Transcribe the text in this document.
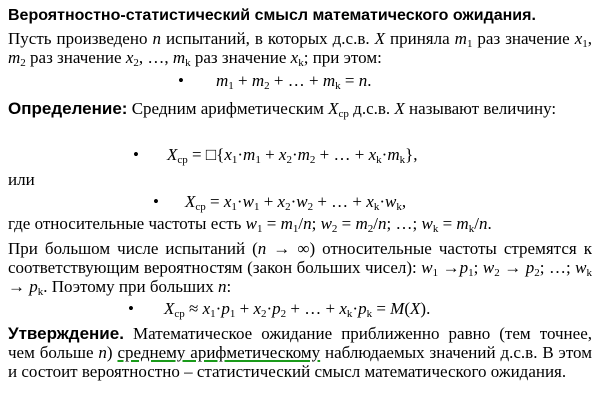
Вероятностно-статистический смысл математического ожидания.
Пусть произведено n испытаний, в которых д.с.в. X приняла $m_1$ раз значение $x_1$, $m_2$ раз значение $x_2$, …, $m_k$ раз значение $x_k$; при этом:
• $m_1 + m_2$ + … + $m_k = n$.
Определение: Средним арифметическим $X_{ср}$ д.с.в. X называют величину:
• $X_{ср}$ = $□\{x_1\cdot m_1 + x_2\cdot m_2$ + … + $x_k\cdot m_k$},
или
• $X_{ср} = x_1\cdot w_1 + x_2\cdot w_2$ + … + $x_k\cdot w_k$,
где относительные частоты есть $w_1 = m_1/n$; $w_2 = m_2/n$; …; $w_k = m_k/n$.
При большом числе испытаний (n → ∞) относительные частоты стремятся к соответствующим вероятностям (закон больших чисел): $w_1 \to p_1$; $w_2 \to p_2$; …; $w_k \to p_k$. Поэтому при больших n:
• $X_{ср} \approx x_1\cdot p_1 + x_2\cdot p_2$ + … + $x_k\cdot p_k = M(X)$.
Утверждение. Математическое ожидание приближенно равно (тем точнее, чем больше n) среднему арифметическому наблюдаемых значений д.с.в. В этом и состоит вероятностно – статистический смысл математического ожидания.
